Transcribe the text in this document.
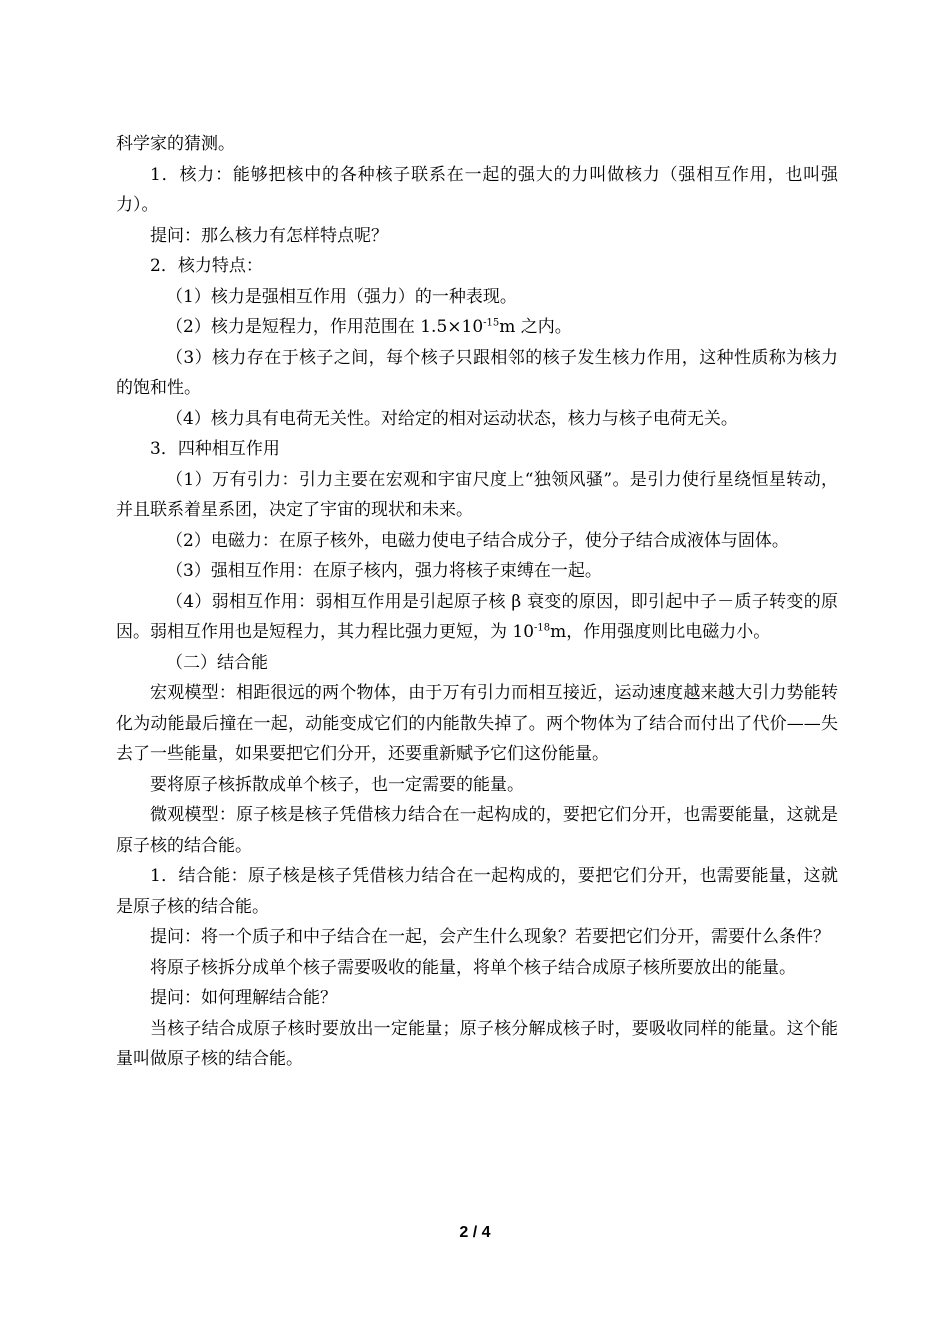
科学家的猜测。

1．核力：能够把核中的各种核子联系在一起的强大的力叫做核力（强相互作用，也叫强力）。

提问：那么核力有怎样特点呢？

2．核力特点：

（1）核力是强相互作用（强力）的一种表现。

（2）核力是短程力，作用范围在 $1.5\times 10^{-15}m$ 之内。

（3）核力存在于核子之间，每个核子只跟相邻的核子发生核力作用，这种性质称为核力的饱和性。

（4）核力具有电荷无关性。对给定的相对运动状态，核力与核子电荷无关。

3．四种相互作用

（1）万有引力：引力主要在宏观和宇宙尺度上“独领风骚”。是引力使行星绕恒星转动，并且联系着星系团，决定了宇宙的现状和未来。

（2）电磁力：在原子核外，电磁力使电子结合成分子，使分子结合成液体与固体。

（3）强相互作用：在原子核内，强力将核子束缚在一起。

（4）弱相互作用：弱相互作用是引起原子核 β 衰变的原因，即引起中子－质子转变的原因。弱相互作用也是短程力，其力程比强力更短，为 $10^{-18}m$，作用强度则比电磁力小。

（二）结合能

宏观模型：相距很远的两个物体，由于万有引力而相互接近，运动速度越来越大引力势能转化为动能最后撞在一起，动能变成它们的内能散失掉了。两个物体为了结合而付出了代价——失去了一些能量，如果要把它们分开，还要重新赋予它们这份能量。

要将原子核拆散成单个核子，也一定需要的能量。

微观模型：原子核是核子凭借核力结合在一起构成的，要把它们分开，也需要能量，这就是原子核的结合能。

1．结合能：原子核是核子凭借核力结合在一起构成的，要把它们分开，也需要能量，这就是原子核的结合能。

提问：将一个质子和中子结合在一起，会产生什么现象？若要把它们分开，需要什么条件？

将原子核拆分成单个核子需要吸收的能量，将单个核子结合成原子核所要放出的能量。

提问：如何理解结合能？

当核子结合成原子核时要放出一定能量；原子核分解成核子时，要吸收同样的能量。这个能量叫做原子核的结合能。

2 / 4
